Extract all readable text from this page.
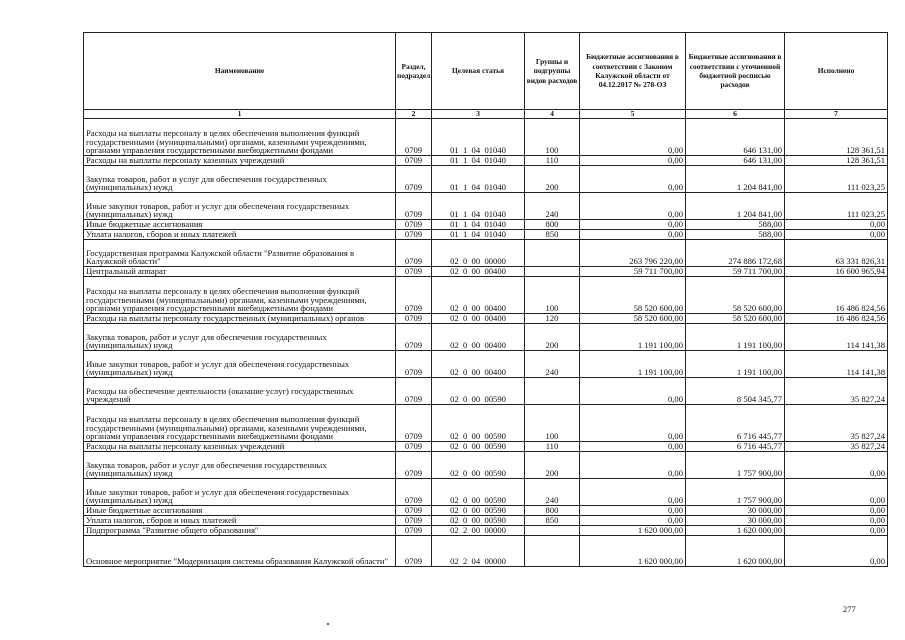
Наименование	Раздел, подраздел	Целевая статья	Группы и подгруппы видов расходов	Бюджетные ассигнования в соответствии с Законом Калужской области от 04.12.2017 № 278-ОЗ	Бюджетные ассигнования в соответствии с уточненной бюджетной росписью расходов	Исполнено
1	2	3	4	5	6	7
Расходы на выплаты персоналу в целях обеспечения выполнения функций государственными (муниципальными) органами, казенными учреждениями, органами управления государственными внебюджетными фондами	0709	01  1  04  01040	100	0,00	646 131,00	128 361,51
Расходы на выплаты персоналу казенных учреждений	0709	01  1  04  01040	110	0,00	646 131,00	128 361,51
Закупка товаров, работ и услуг для обеспечения государственных (муниципальных) нужд	0709	01  1  04  01040	200	0,00	1 204 841,00	111 023,25
Иные закупки товаров, работ и услуг для обеспечения государственных (муниципальных) нужд	0709	01  1  04  01040	240	0,00	1 204 841,00	111 023,25
Иные бюджетные ассигнования	0709	01  1  04  01040	800	0,00	588,00	0,00
Уплата налогов, сборов и иных платежей	0709	01  1  04  01040	850	0,00	588,00	0,00
Государственная программа Калужской области "Развитие образования в Калужской области"	0709	02  0  00  00000		263 796 220,00	274 886 172,68	63 331 826,31
Центральный аппарат	0709	02  0  00  00400		59 711 700,00	59 711 700,00	16 600 965,94
Расходы на выплаты персоналу в целях обеспечения выполнения функций государственными (муниципальными) органами, казенными учреждениями, органами управления государственными внебюджетными фондами	0709	02  0  00  00400	100	58 520 600,00	58 520 600,00	16 486 824,56
Расходы на выплаты персоналу государственных (муниципальных) органов	0709	02  0  00  00400	120	58 520 600,00	58 520 600,00	16 486 824,56
Закупка товаров, работ и услуг для обеспечения государственных (муниципальных) нужд	0709	02  0  00  00400	200	1 191 100,00	1 191 100,00	114 141,38
Иные закупки товаров, работ и услуг для обеспечения государственных (муниципальных) нужд	0709	02  0  00  00400	240	1 191 100,00	1 191 100,00	114 141,38
Расходы на обеспечение деятельности (оказание услуг) государственных учреждений	0709	02  0  00  00590		0,00	8 504 345,77	35 827,24
Расходы на выплаты персоналу в целях обеспечения выполнения функций государственными (муниципальными) органами, казенными учреждениями, органами управления государственными внебюджетными фондами	0709	02  0  00  00590	100	0,00	6 716 445,77	35 827,24
Расходы на выплаты персоналу казенных учреждений	0709	02  0  00  00590	110	0,00	6 716 445,77	35 827,24
Закупка товаров, работ и услуг для обеспечения государственных (муниципальных) нужд	0709	02  0  00  00590	200	0,00	1 757 900,00	0,00
Иные закупки товаров, работ и услуг для обеспечения государственных (муниципальных) нужд	0709	02  0  00  00590	240	0,00	1 757 900,00	0,00
Иные бюджетные ассигнования	0709	02  0  00  00590	800	0,00	30 000,00	0,00
Уплата налогов, сборов и иных платежей	0709	02  0  00  00590	850	0,00	30 000,00	0,00
Подпрограмма "Развитие общего образования"	0709	02  2  00  00000		1 620 000,00	1 620 000,00	0,00
Основное мероприятие "Модернизация системы образования Калужской области"	0709	02  2  04  00000		1 620 000,00	1 620 000,00	0,00
277
